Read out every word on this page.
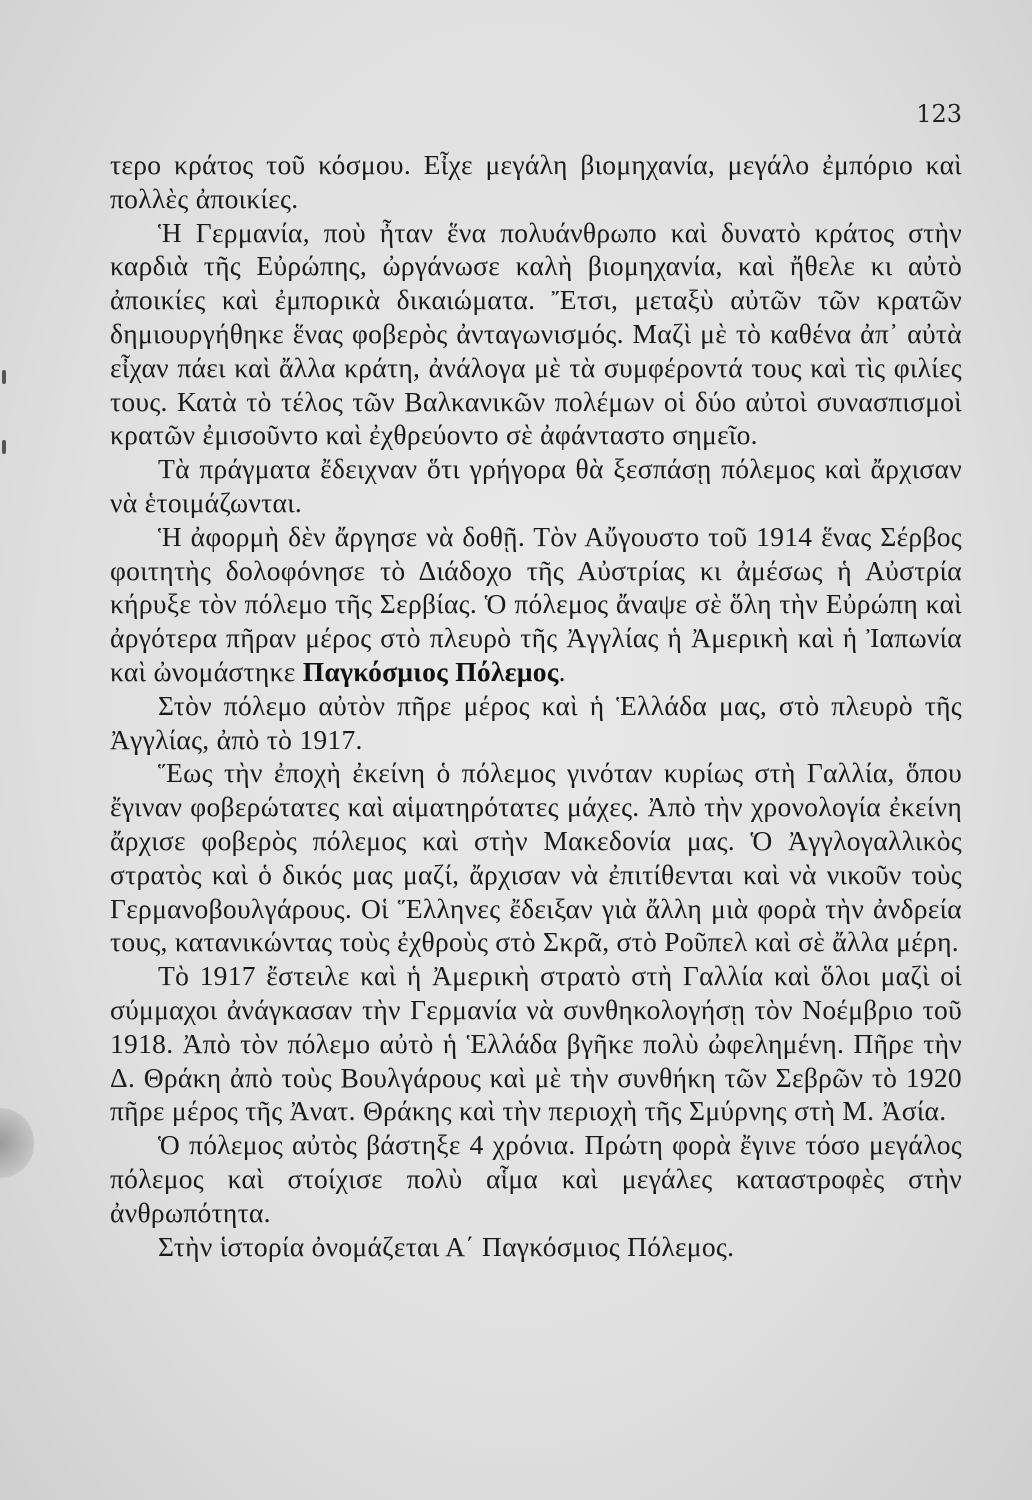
123

τερο κράτος τοῦ κόσμου. Εἶχε μεγάλη βιομηχανία, μεγάλο ἐμπόριο καὶ πολλὲς ἀποικίες.

Ἡ Γερμανία, ποὺ ἦταν ἕνα πολυάνθρωπο καὶ δυνατὸ κράτος στὴν καρδιὰ τῆς Εὐρώπης, ὠργάνωσε καλὴ βιομηχανία, καὶ ἤθελε κι αὐτὸ ἀποικίες καὶ ἐμπορικὰ δικαιώματα. Ἔτσι, μεταξὺ αὐτῶν τῶν κρατῶν δημιουργήθηκε ἕνας φοβερὸς ἀνταγωνισμός. Μαζὶ μὲ τὸ καθένα ἀπ᾿ αὐτὰ εἶχαν πάει καὶ ἄλλα κράτη, ἀνάλογα μὲ τὰ συμφέροντά τους καὶ τὶς φιλίες τους. Κατὰ τὸ τέλος τῶν Βαλκανικῶν πολέμων οἱ δύο αὐτοὶ συνασπισμοὶ κρατῶν ἐμισοῦντο καὶ ἐχθρεύοντο σὲ ἀφάνταστο σημεῖο.

Τὰ πράγματα ἔδειχναν ὅτι γρήγορα θὰ ξεσπάσῃ πόλεμος καὶ ἄρχισαν νὰ ἑτοιμάζωνται.

Ἡ ἀφορμὴ δὲν ἄργησε νὰ δοθῇ. Τὸν Αὔγουστο τοῦ 1914 ἕνας Σέρβος φοιτητὴς δολοφόνησε τὸ Διάδοχο τῆς Αὐστρίας κι ἀμέσως ἡ Αὐστρία κήρυξε τὸν πόλεμο τῆς Σερβίας. Ὁ πόλεμος ἄναψε σὲ ὅλη τὴν Εὐρώπη καὶ ἀργότερα πῆραν μέρος στὸ πλευρὸ τῆς Ἀγγλίας ἡ Ἀμερικὴ καὶ ἡ Ἰαπωνία καὶ ὠνομάστηκε Παγκόσμιος Πόλεμος.

Στὸν πόλεμο αὐτὸν πῆρε μέρος καὶ ἡ Ἑλλάδα μας, στὸ πλευρὸ τῆς Ἀγγλίας, ἀπὸ τὸ 1917.

Ἕως τὴν ἐποχὴ ἐκείνη ὁ πόλεμος γινόταν κυρίως στὴ Γαλλία, ὅπου ἔγιναν φοβερώτατες καὶ αἱματηρότατες μάχες. Ἀπὸ τὴν χρονολογία ἐκείνη ἄρχισε φοβερὸς πόλεμος καὶ στὴν Μακεδονία μας. Ὁ Ἀγγλογαλλικὸς στρατὸς καὶ ὁ δικός μας μαζί, ἄρχισαν νὰ ἐπιτίθενται καὶ νὰ νικοῦν τοὺς Γερμανοβουλγάρους. Οἱ Ἕλληνες ἔδειξαν γιὰ ἄλλη μιὰ φορὰ τὴν ἀνδρεία τους, κατανικώντας τοὺς ἐχθροὺς στὸ Σκρᾶ, στὸ Ροῦπελ καὶ σὲ ἄλλα μέρη.

Τὸ 1917 ἔστειλε καὶ ἡ Ἀμερικὴ στρατὸ στὴ Γαλλία καὶ ὅλοι μαζὶ οἱ σύμμαχοι ἀνάγκασαν τὴν Γερμανία νὰ συνθηκολογήσῃ τὸν Νοέμβριο τοῦ 1918. Ἀπὸ τὸν πόλεμο αὐτὸ ἡ Ἑλλάδα βγῆκε πολὺ ὠφελημένη. Πῆρε τὴν Δ. Θράκη ἀπὸ τοὺς Βουλγάρους καὶ μὲ τὴν συνθήκη τῶν Σεβρῶν τὸ 1920 πῆρε μέρος τῆς Ἀνατ. Θράκης καὶ τὴν περιοχὴ τῆς Σμύρνης στὴ Μ. Ἀσία.

Ὁ πόλεμος αὐτὸς βάστηξε 4 χρόνια. Πρώτη φορὰ ἔγινε τόσο μεγάλος πόλεμος καὶ στοίχισε πολὺ αἷμα καὶ μεγάλες καταστροφὲς στὴν ἀνθρωπότητα.

Στὴν ἱστορία ὀνομάζεται Α΄ Παγκόσμιος Πόλεμος.
